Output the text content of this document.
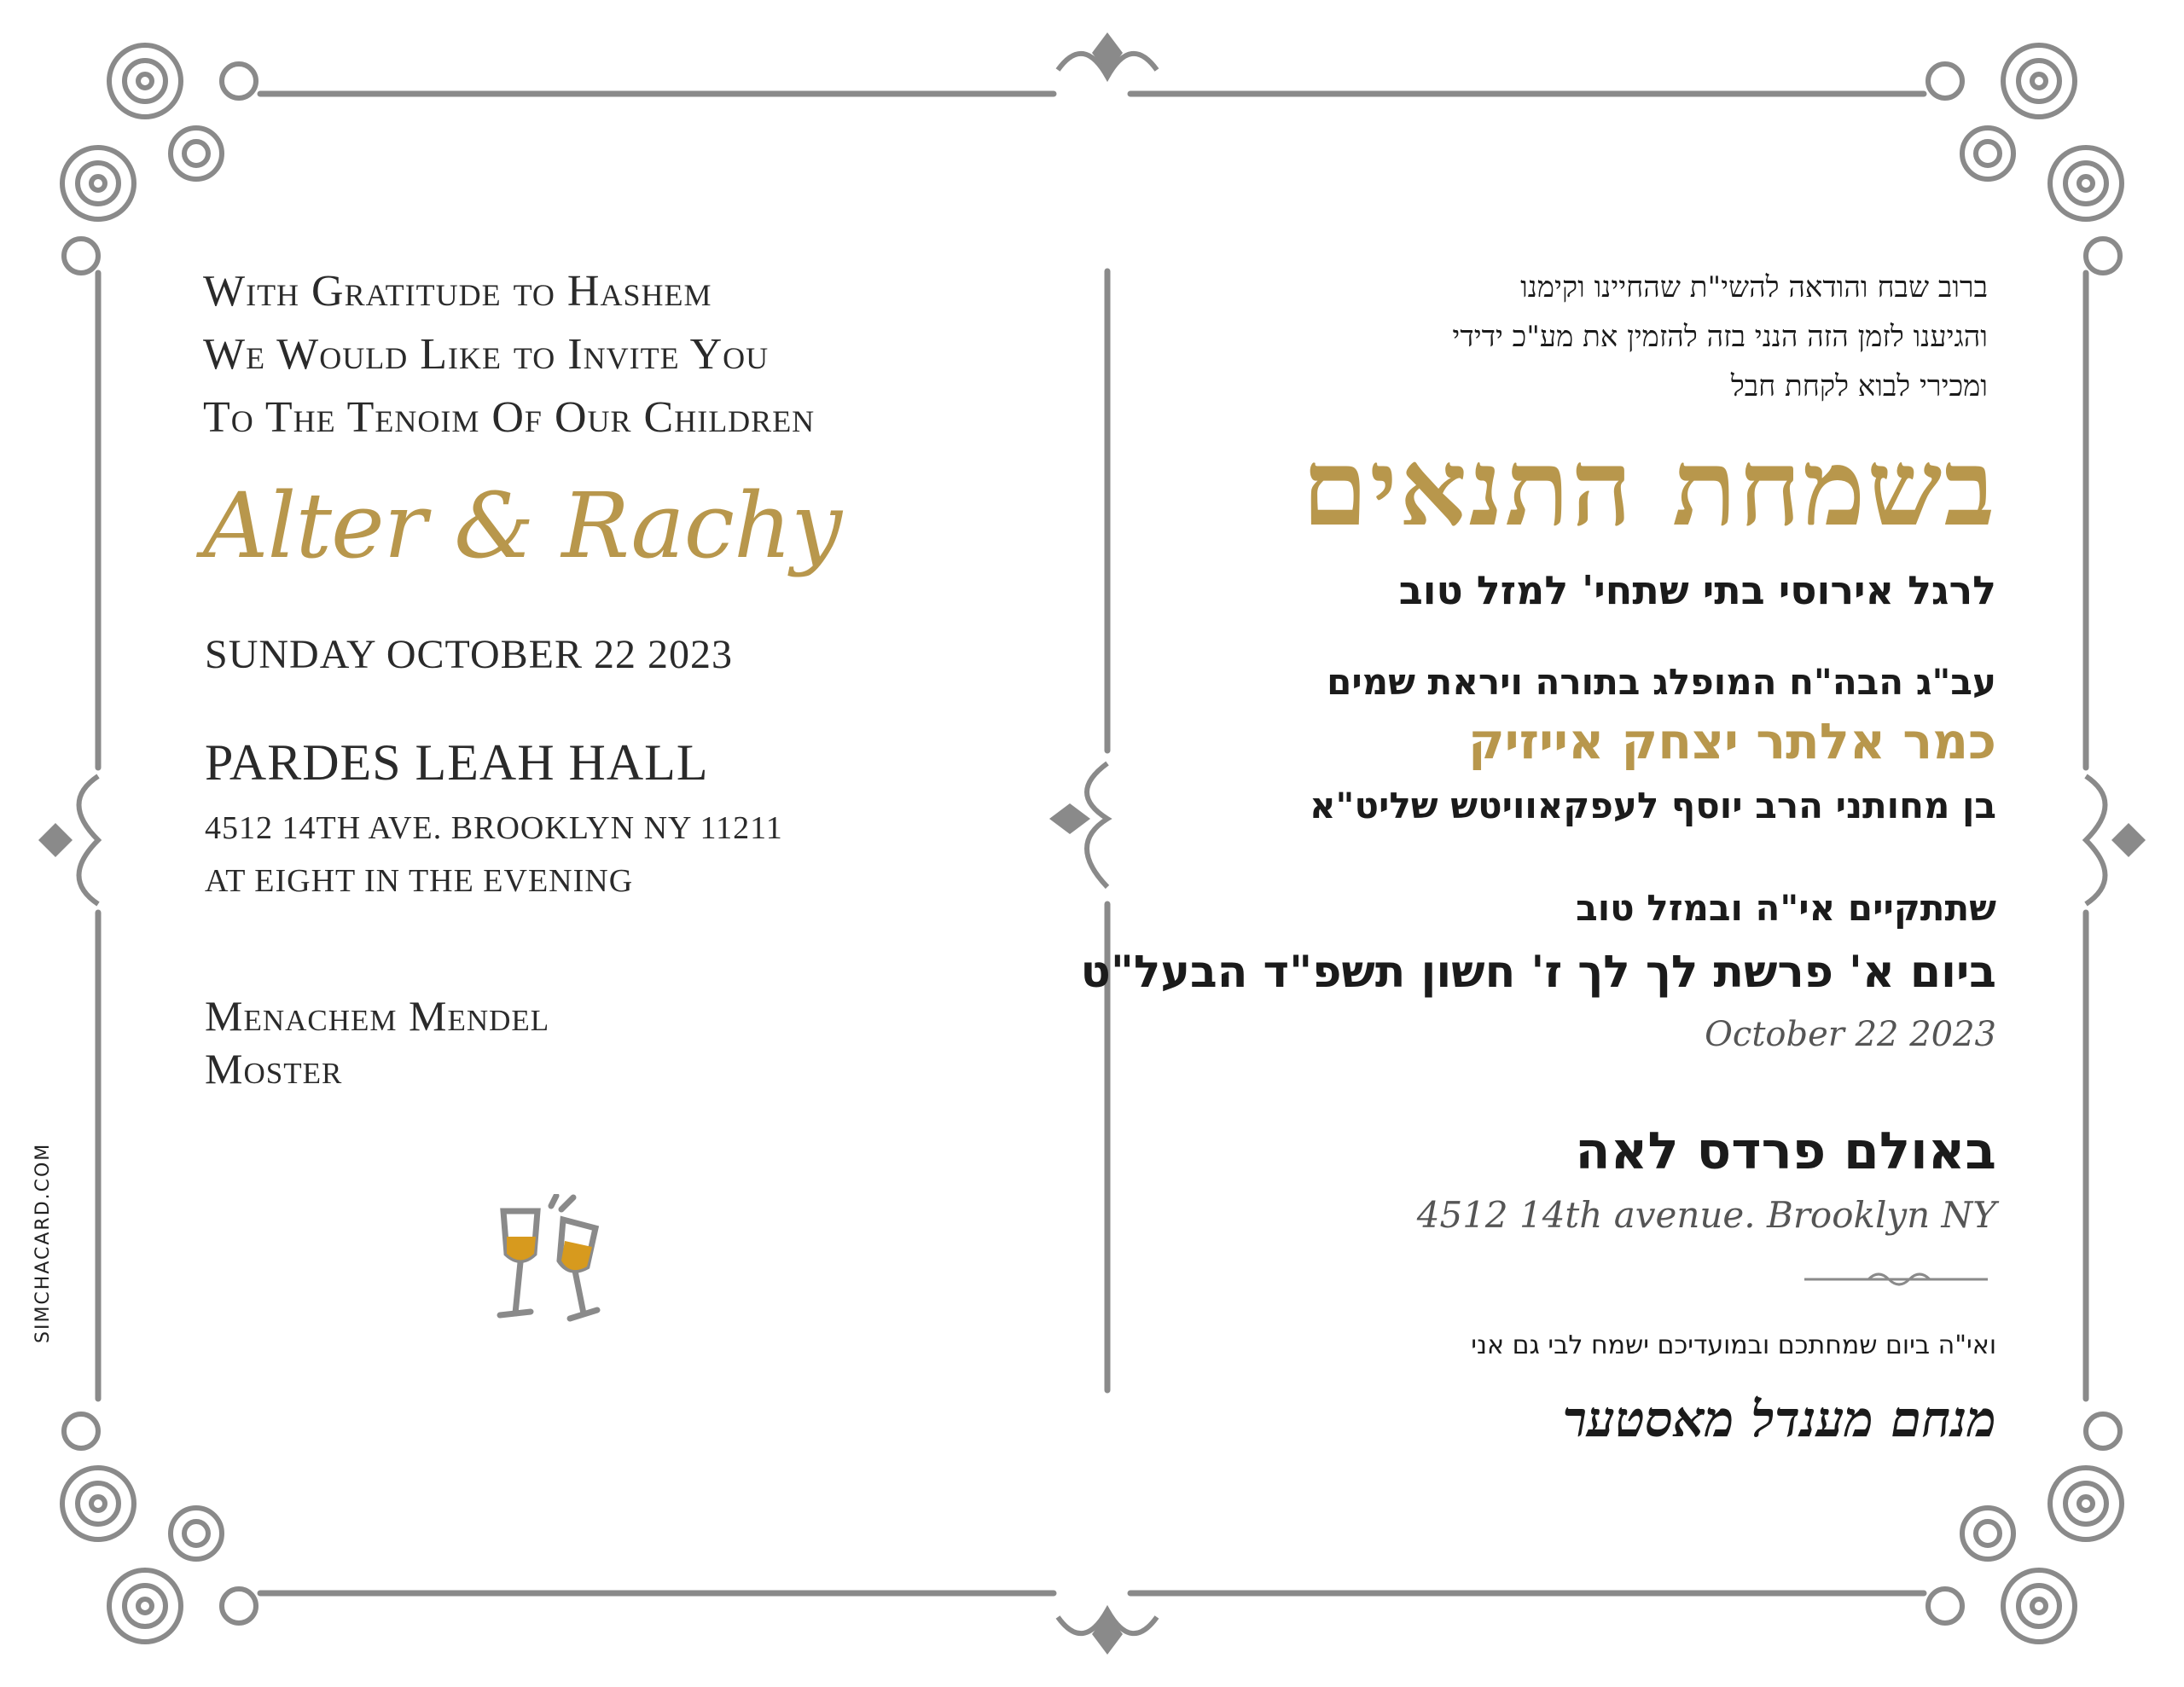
With Gratitude to Hashem
We Would Like to Invite You
To The Tenoim Of Our Children
Alter & Rachy
SUNDAY OCTOBER 22 2023
PARDES LEAH HALL
4512 14TH AVE. BROOKLYN NY 11211
AT EIGHT IN THE EVENING
Menachem Mendel
Moster
SIMCHACARD.COM
ברוב שבח והודאה להשי"ת שהחיינו וקימנו
והגיענו לזמן הזה הנני בזה להזמין את מע"כ ידידי
ומכירי לבוא לקחת חבל
בשמחת התנאים
לרגל אירוסי בתי שתחי' למזל טוב
עב"ג הבה"ח המופלג בתורה ויראת שמים
כמר אלתר יצחק אייזיק
בן מחותני הרב יוסף לעפקאוויטש שליט"א
שתתקיים אי"ה ובמזל טוב
ביום א' פרשת לך לך ז' חשון תשפ"ד הבעל"ט
October 22 2023
באולם פרדס לאה
4512 14th avenue. Brooklyn NY
ואי"ה ביום שמחתכם ובמועדיכם ישמח לבי גם אני
מנחם מענדל מאסטער
